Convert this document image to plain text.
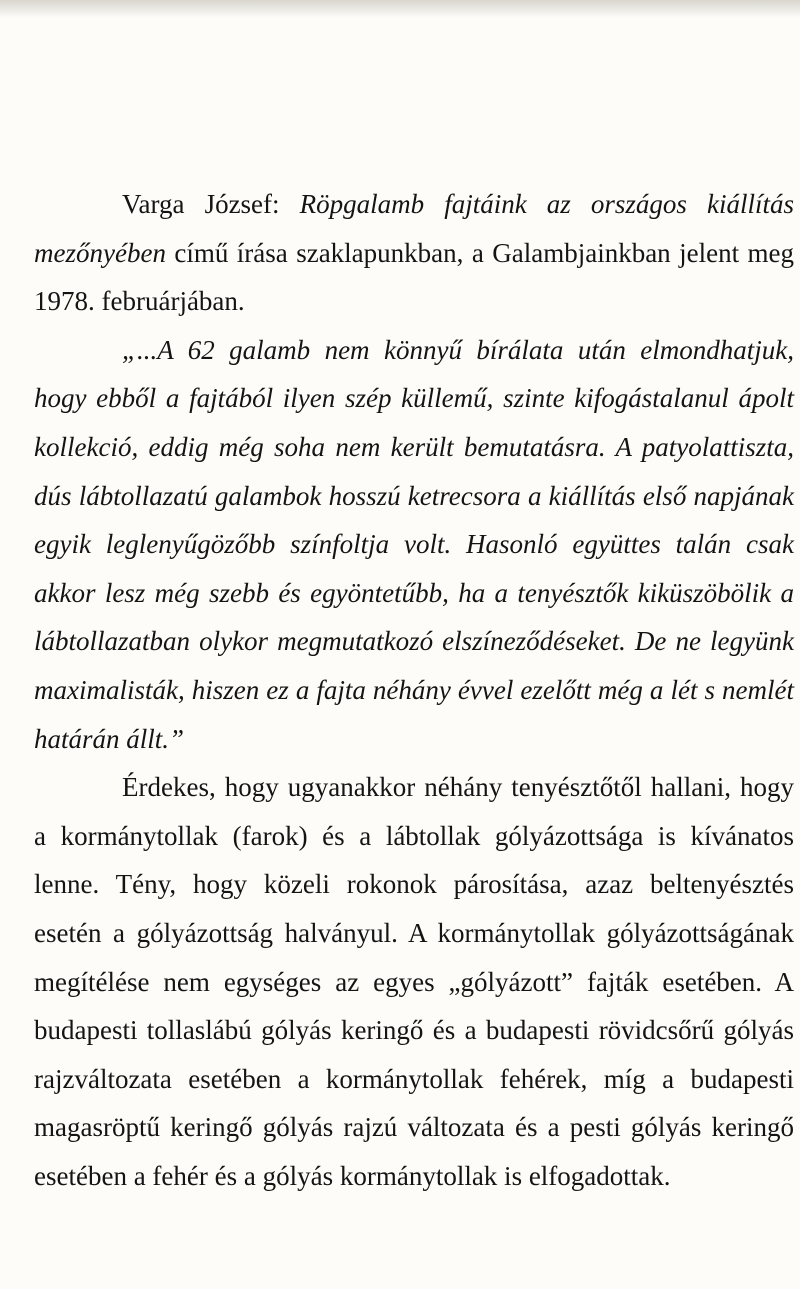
Varga József: Röpgalamb fajtáink az országos kiállítás mezőnyében című írása szaklapunkban, a Galambjainkban jelent meg 1978. februárjában.

„...A 62 galamb nem könnyű bírálata után elmondhatjuk, hogy ebből a fajtából ilyen szép küllemű, szinte kifogástalanul ápolt kollekció, eddig még soha nem került bemutatásra. A patyolattiszta, dús lábtollazatú galambok hosszú ketrecsora a kiállítás első napjának egyik leglenyűgözőbb színfoltja volt. Hasonló együttes talán csak akkor lesz még szebb és egyöntetűbb, ha a tenyésztők kiküszöbölik a lábtollazatban olykor megmutatkozó elszíneződéseket. De ne legyünk maximalisták, hiszen ez a fajta néhány évvel ezelőtt még a lét s nemlét határán állt.”

Érdekes, hogy ugyanakkor néhány tenyésztőtől hallani, hogy a kormánytollak (farok) és a lábtollak gólyázottsága is kívánatos lenne. Tény, hogy közeli rokonok párosítása, azaz beltenyésztés esetén a gólyázottság halványul. A kormánytollak gólyázottságának megítélése nem egységes az egyes „gólyázott” fajták esetében. A budapesti tollaslábú gólyás keringő és a budapesti rövidcsőrű gólyás rajzváltozata esetében a kormánytollak fehérek, míg a budapesti magasröptű keringő gólyás rajzú változata és a pesti gólyás keringő esetében a fehér és a gólyás kormánytollak is elfogadottak.
